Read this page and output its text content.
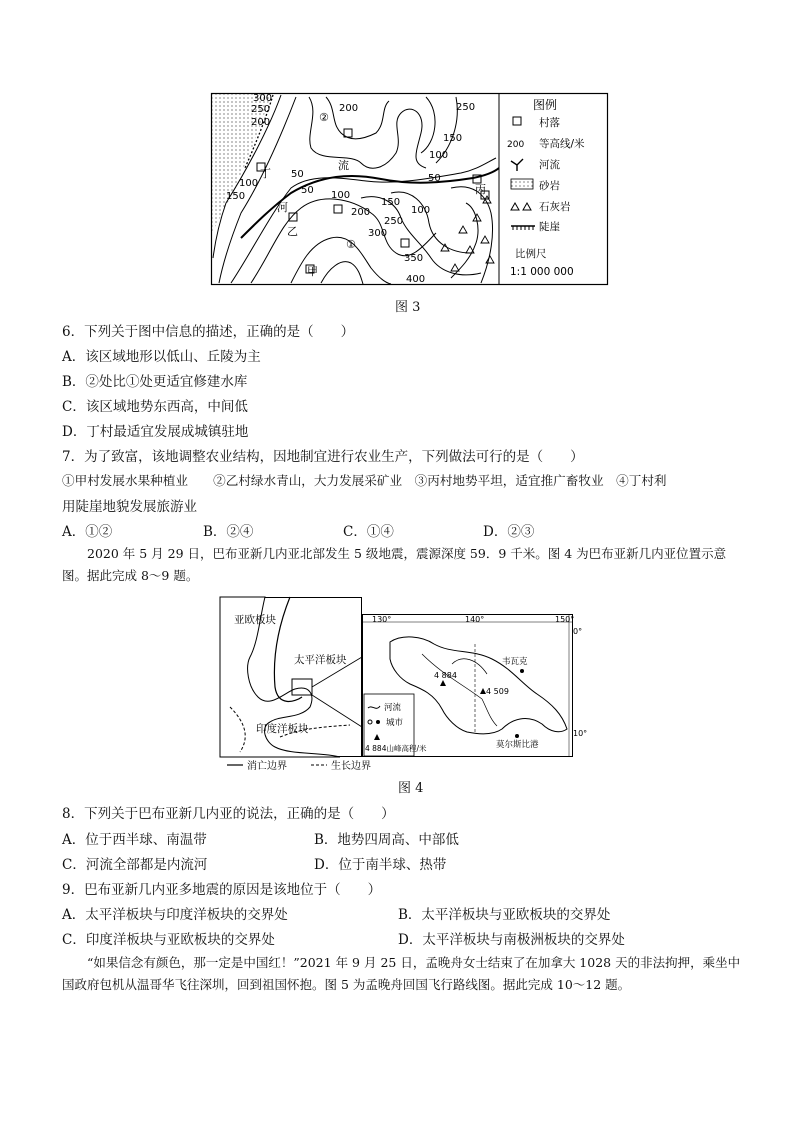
300
250
200
200	250
150
100
50
150
100
50
50
100
200
150
250
300
100
350
400
②
①
流
河
丁
乙
甲
丙
图例
村落
200 等高线/米
河流
砂岩
石灰岩
陡崖
比例尺
1:1 000 000
图 3
6．下列关于图中信息的描述，正确的是（　　）
A．该区域地形以低山、丘陵为主
B．②处比①处更适宜修建水库
C．该区域地势东西高，中间低
D．丁村最适宜发展成城镇驻地
7．为了致富，该地调整农业结构，因地制宜进行农业生产，下列做法可行的是（　　）
①甲村发展水果种植业　　②乙村绿水青山，大力发展采矿业　③丙村地势平坦，适宜推广畜牧业　④丁村利
用陡崖地貌发展旅游业
A．①②	B．②④	C．①④	D．②③
2020 年 5 月 29 日，巴布亚新几内亚北部发生 5 级地震，震源深度 59．9 千米。图 4 为巴布亚新几内亚位置示意图。据此完成 8～9 题。
亚欧板块
太平洋板块
印度洋板块
130°	140°	150°
0°
10°
4 884
4 509
韦瓦克
莫尔斯比港
河流
城市
4 884山峰高程/米
消亡边界	生长边界
图 4
8．下列关于巴布亚新几内亚的说法，正确的是（　　）
A．位于西半球、南温带	B．地势四周高、中部低
C．河流全部都是内流河	D．位于南半球、热带
9．巴布亚新几内亚多地震的原因是该地位于（　　）
A．太平洋板块与印度洋板块的交界处	B．太平洋板块与亚欧板块的交界处
C．印度洋板块与亚欧板块的交界处	D．太平洋板块与南极洲板块的交界处
“如果信念有颜色，那一定是中国红！”2021 年 9 月 25 日，孟晚舟女士结束了在加拿大 1028 天的非法拘押，乘坐中国政府包机从温哥华飞往深圳，回到祖国怀抱。图 5 为孟晚舟回国飞行路线图。据此完成 10～12 题。
